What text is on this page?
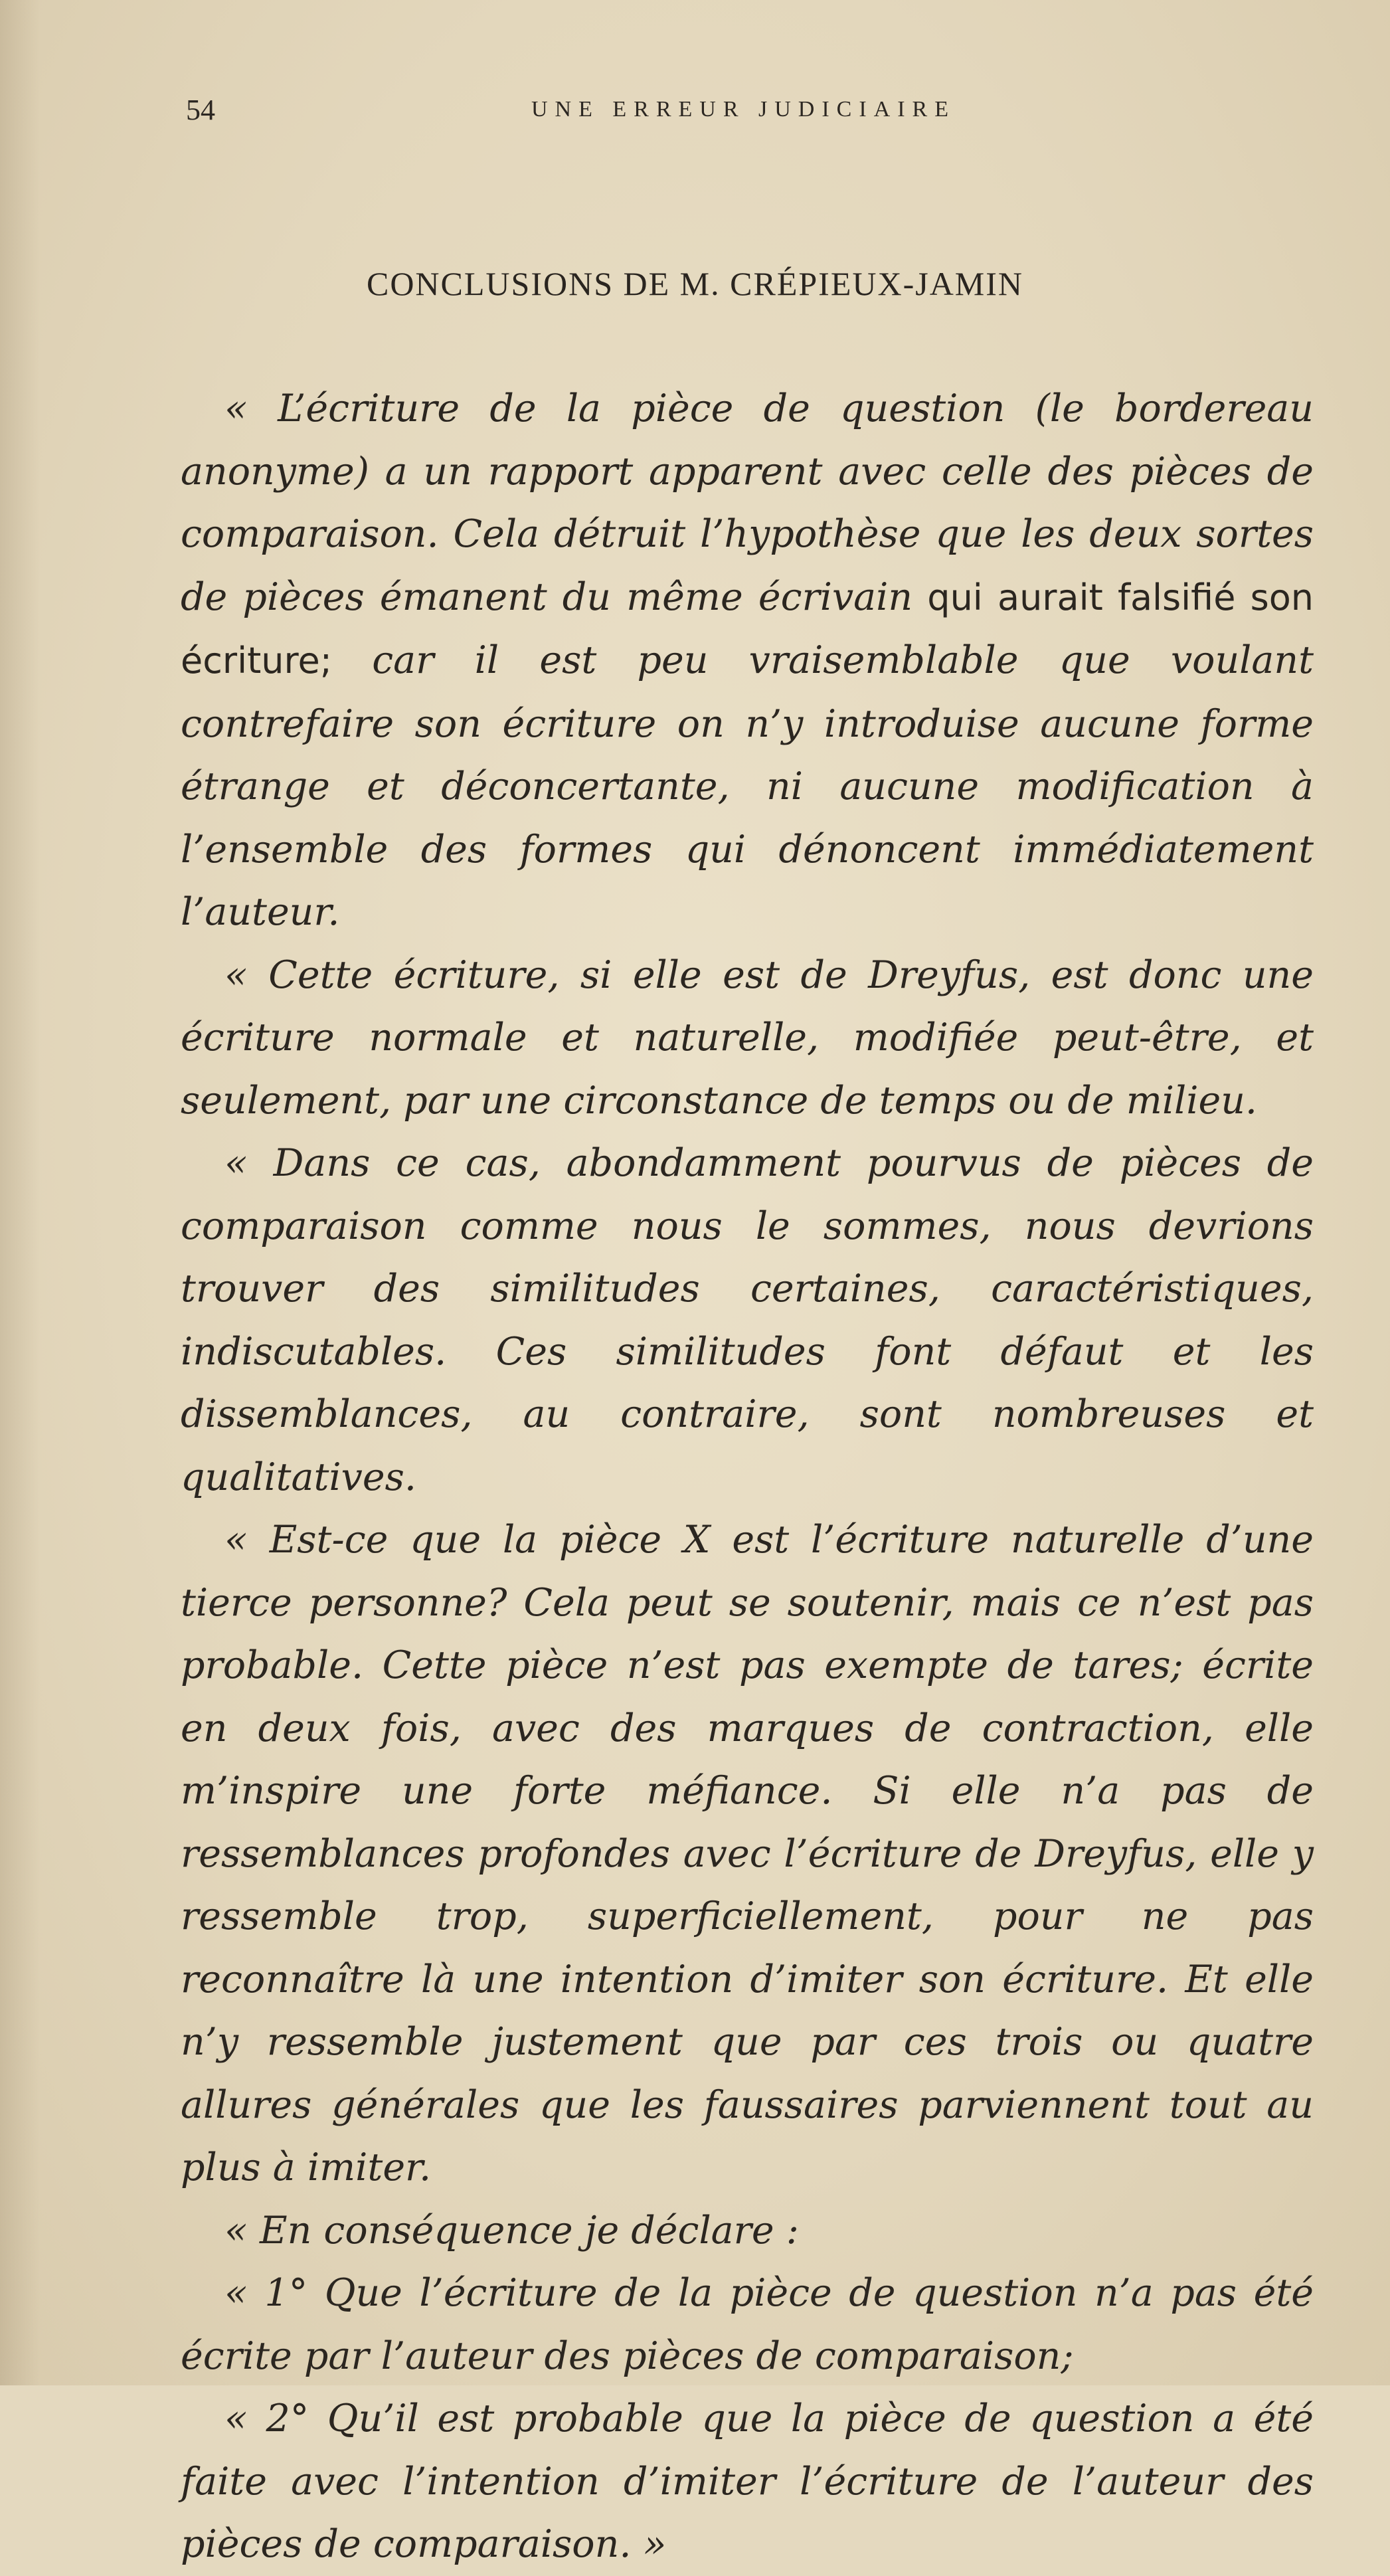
54	UNE ERREUR JUDICIAIRE
CONCLUSIONS DE M. CRÉPIEUX-JAMIN

« L’écriture de la pièce de question (le bordereau anonyme) a un rapport apparent avec celle des pièces de comparaison. Cela détruit l’hypothèse que les deux sortes de pièces émanent du même écrivain qui aurait falsifié son écriture; car il est peu vraisemblable que voulant contrefaire son écriture on n’y introduise aucune forme étrange et déconcertante, ni aucune modification à l’ensemble des formes qui dénoncent immédiatement l’auteur.

« Cette écriture, si elle est de Dreyfus, est donc une écriture normale et naturelle, modifiée peut-être, et seulement, par une circonstance de temps ou de milieu.

« Dans ce cas, abondamment pourvus de pièces de comparaison comme nous le sommes, nous devrions trouver des similitudes certaines, caractéristiques, indiscutables. Ces similitudes font défaut et les dissemblances, au contraire, sont nombreuses et qualitatives.

« Est-ce que la pièce X est l’écriture naturelle d’une tierce personne? Cela peut se soutenir, mais ce n’est pas probable. Cette pièce n’est pas exempte de tares; écrite en deux fois, avec des marques de contraction, elle m’inspire une forte méfiance. Si elle n’a pas de ressemblances profondes avec l’écriture de Dreyfus, elle y ressemble trop, superficiellement, pour ne pas reconnaître là une intention d’imiter son écriture. Et elle n’y ressemble justement que par ces trois ou quatre allures générales que les faussaires parviennent tout au plus à imiter.

« En conséquence je déclare :

« 1° Que l’écriture de la pièce de question n’a pas été écrite par l’auteur des pièces de comparaison;

« 2° Qu’il est probable que la pièce de question a été faite avec l’intention d’imiter l’écriture de l’auteur des pièces de comparaison. »
